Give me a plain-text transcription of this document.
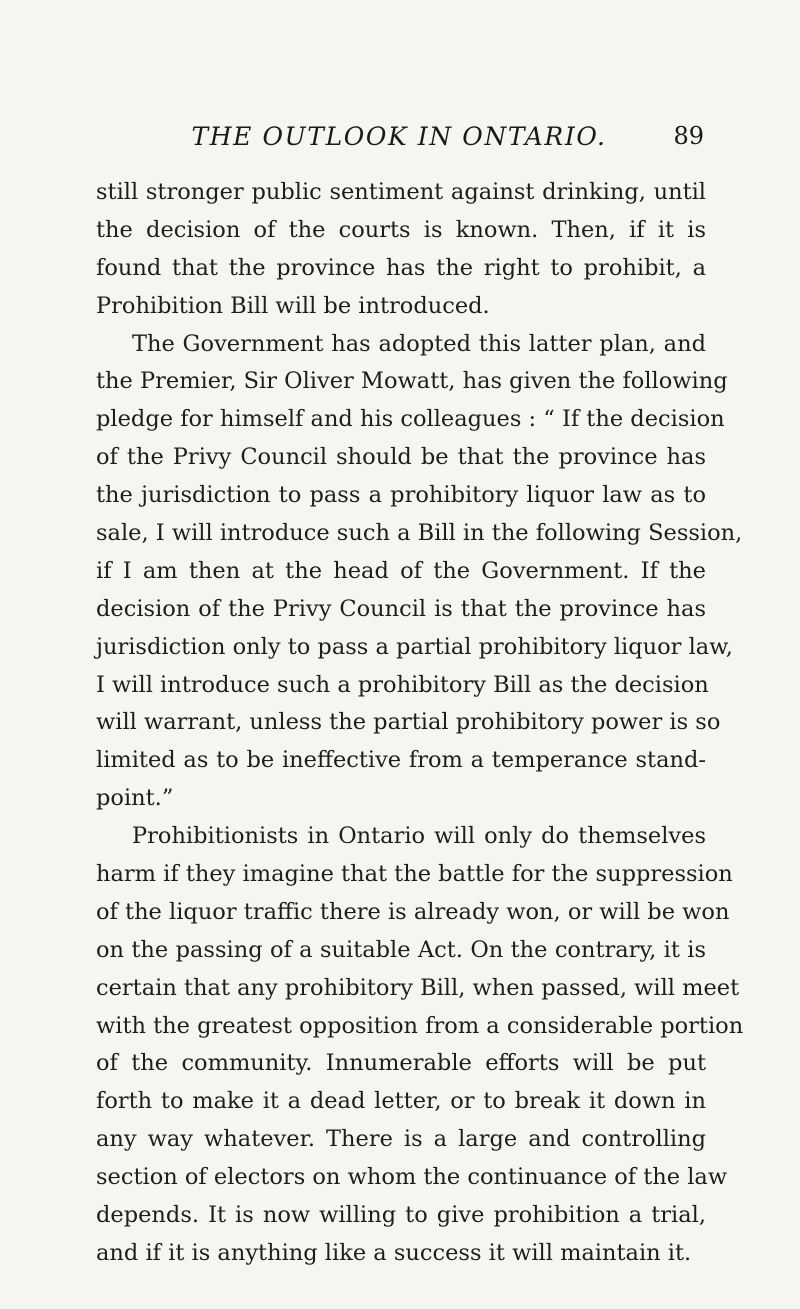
THE OUTLOOK IN ONTARIO.	89
still stronger public sentiment against drinking, until
the decision of the courts is known. Then, if it is
found that the province has the right to prohibit, a
Prohibition Bill will be introduced.
The Government has adopted this latter plan, and
the Premier, Sir Oliver Mowatt, has given the following
pledge for himself and his colleagues : “ If the decision
of the Privy Council should be that the province has
the jurisdiction to pass a prohibitory liquor law as to
sale, I will introduce such a Bill in the following Session,
if I am then at the head of the Government. If the
decision of the Privy Council is that the province has
jurisdiction only to pass a partial prohibitory liquor law,
I will introduce such a prohibitory Bill as the decision
will warrant, unless the partial prohibitory power is so
limited as to be ineffective from a temperance stand-
point.”
Prohibitionists in Ontario will only do themselves
harm if they imagine that the battle for the suppression
of the liquor traffic there is already won, or will be won
on the passing of a suitable Act. On the contrary, it is
certain that any prohibitory Bill, when passed, will meet
with the greatest opposition from a considerable portion
of the community. Innumerable efforts will be put
forth to make it a dead letter, or to break it down in
any way whatever. There is a large and controlling
section of electors on whom the continuance of the law
depends. It is now willing to give prohibition a trial,
and if it is anything like a success it will maintain it.
